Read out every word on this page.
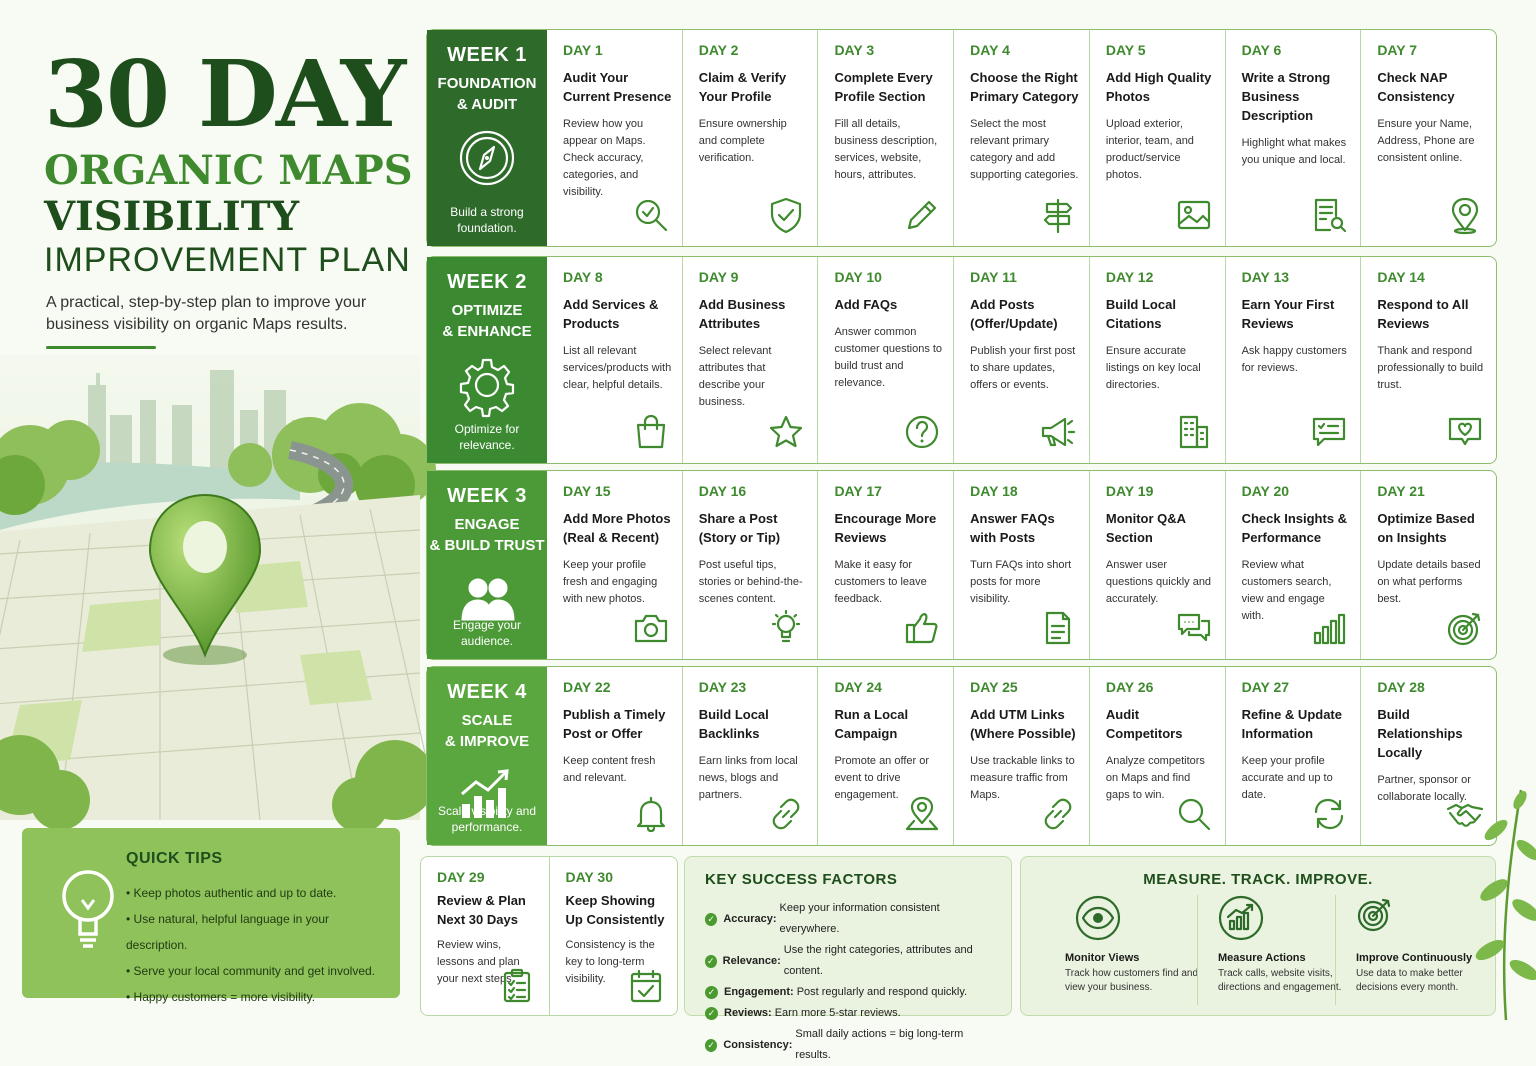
30 DAY
ORGANIC MAPS
VISIBILITY
IMPROVEMENT PLAN
A practical, step-by-step plan to improve your business visibility on organic Maps results.
QUICK TIPS
• Keep photos authentic and up to date.
• Use natural, helpful language in your description.
• Serve your local community and get involved.
• Happy customers = more visibility.
WEEK 1
FOUNDATION
& AUDIT
Build a strong foundation.
DAY 1
Audit Your Current Presence
Review how you appear on Maps. Check accuracy, categories, and visibility.
DAY 2
Claim & Verify Your Profile
Ensure ownership and complete verification.
DAY 3
Complete Every Profile Section
Fill all details, business description, services, website, hours, attributes.
DAY 4
Choose the Right Primary Category
Select the most relevant primary category and add supporting categories.
DAY 5
Add High Quality Photos
Upload exterior, interior, team, and product/service photos.
DAY 6
Write a Strong Business Description
Highlight what makes you unique and local.
DAY 7
Check NAP Consistency
Ensure your Name, Address, Phone are consistent online.
WEEK 2
OPTIMIZE
& ENHANCE
Optimize for relevance.
DAY 8
Add Services & Products
List all relevant services/products with clear, helpful details.
DAY 9
Add Business Attributes
Select relevant attributes that describe your business.
DAY 10
Add FAQs
Answer common customer questions to build trust and relevance.
DAY 11
Add Posts (Offer/Update)
Publish your first post to share updates, offers or events.
DAY 12
Build Local Citations
Ensure accurate listings on key local directories.
DAY 13
Earn Your First Reviews
Ask happy customers for reviews.
DAY 14
Respond to All Reviews
Thank and respond professionally to build trust.
WEEK 3
ENGAGE
& BUILD TRUST
Engage your audience.
DAY 15
Add More Photos (Real & Recent)
Keep your profile fresh and engaging with new photos.
DAY 16
Share a Post (Story or Tip)
Post useful tips, stories or behind-the-scenes content.
DAY 17
Encourage More Reviews
Make it easy for customers to leave feedback.
DAY 18
Answer FAQs with Posts
Turn FAQs into short posts for more visibility.
DAY 19
Monitor Q&A Section
Answer user questions quickly and accurately.
DAY 20
Check Insights & Performance
Review what customers search, view and engage with.
DAY 21
Optimize Based on Insights
Update details based on what performs best.
WEEK 4
SCALE
& IMPROVE
Scale visibility and performance.
DAY 22
Publish a Timely Post or Offer
Keep content fresh and relevant.
DAY 23
Build Local Backlinks
Earn links from local news, blogs and partners.
DAY 24
Run a Local Campaign
Promote an offer or event to drive engagement.
DAY 25
Add UTM Links (Where Possible)
Use trackable links to measure traffic from Maps.
DAY 26
Audit Competitors
Analyze competitors on Maps and find gaps to win.
DAY 27
Refine & Update Information
Keep your profile accurate and up to date.
DAY 28
Build Relationships Locally
Partner, sponsor or collaborate locally.
DAY 29
Review & Plan Next 30 Days
Review wins, lessons and plan your next steps.
DAY 30
Keep Showing Up Consistently
Consistency is the key to long-term visibility.
KEY SUCCESS FACTORS
✓ Accuracy:
Keep your information consistent everywhere.
✓ Relevance:
Use the right categories, attributes and content.
✓ Engagement: Post regularly and respond quickly.
✓ Reviews: Earn more 5-star reviews.
✓ Consistency:
Small daily actions = big long-term results.
MEASURE. TRACK. IMPROVE.
Monitor Views
Track how customers find and view your business.
Measure Actions
Track calls, website visits, directions and engagement.
Improve Continuously
Use data to make better decisions every month.
